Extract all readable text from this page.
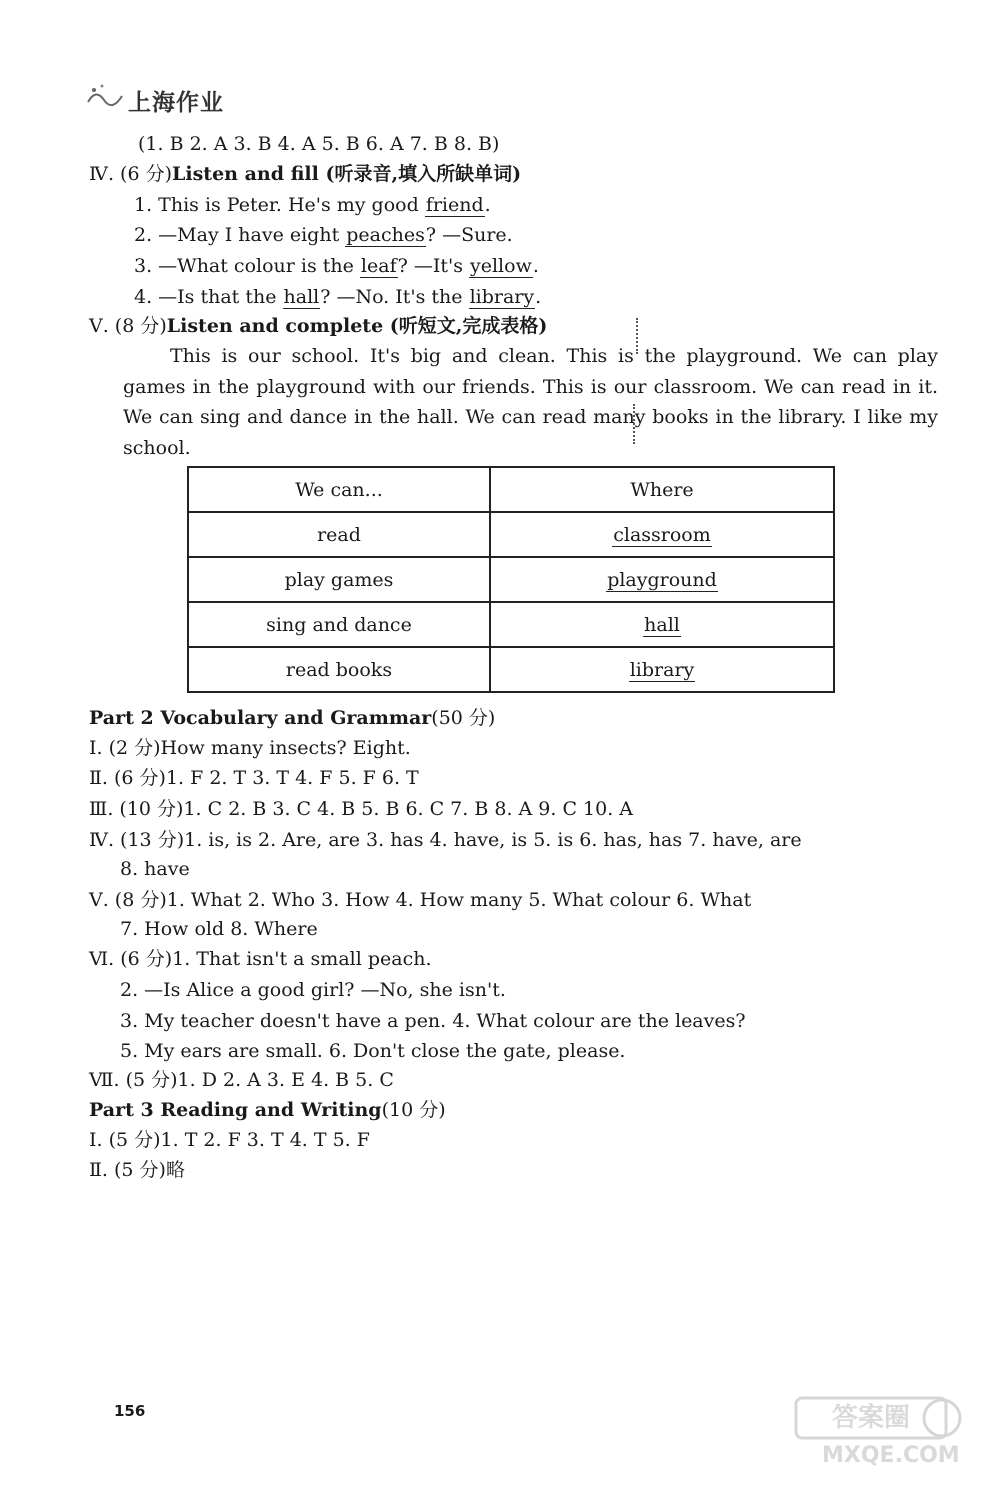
上海作业
(1. B 2. A 3. B 4. A 5. B 6. A 7. B 8. B)
Ⅳ. (6 分)Listen and fill (听录音,填入所缺单词)
1. This is Peter. He's my good friend.
2. —May I have eight peaches? —Sure.
3. —What colour is the leaf? —It's yellow.
4. —Is that the hall? —No. It's the library.
Ⅴ. (8 分)Listen and complete (听短文,完成表格)
This is our school. It's big and clean. This is the playground. We can play games in the playground with our friends. This is our classroom. We can read in it. We can sing and dance in the hall. We can read many books in the library. I like my school.
We can...	Where
read	classroom
play games	playground
sing and dance	hall
read books	library
Part 2 Vocabulary and Grammar(50 分)
Ⅰ. (2 分)How many insects? Eight.
Ⅱ. (6 分)1. F 2. T 3. T 4. F 5. F 6. T
Ⅲ. (10 分)1. C 2. B 3. C 4. B 5. B 6. C 7. B 8. A 9. C 10. A
Ⅳ. (13 分)1. is, is 2. Are, are 3. has 4. have, is 5. is 6. has, has 7. have, are
8. have
Ⅴ. (8 分)1. What 2. Who 3. How 4. How many 5. What colour 6. What
7. How old 8. Where
Ⅵ. (6 分)1. That isn't a small peach.
2. —Is Alice a good girl? —No, she isn't.
3. My teacher doesn't have a pen. 4. What colour are the leaves?
5. My ears are small. 6. Don't close the gate, please.
Ⅶ. (5 分)1. D 2. A 3. E 4. B 5. C
Part 3 Reading and Writing(10 分)
Ⅰ. (5 分)1. T 2. F 3. T 4. T 5. F
Ⅱ. (5 分)略
156	答案圈
MXQE.COM
